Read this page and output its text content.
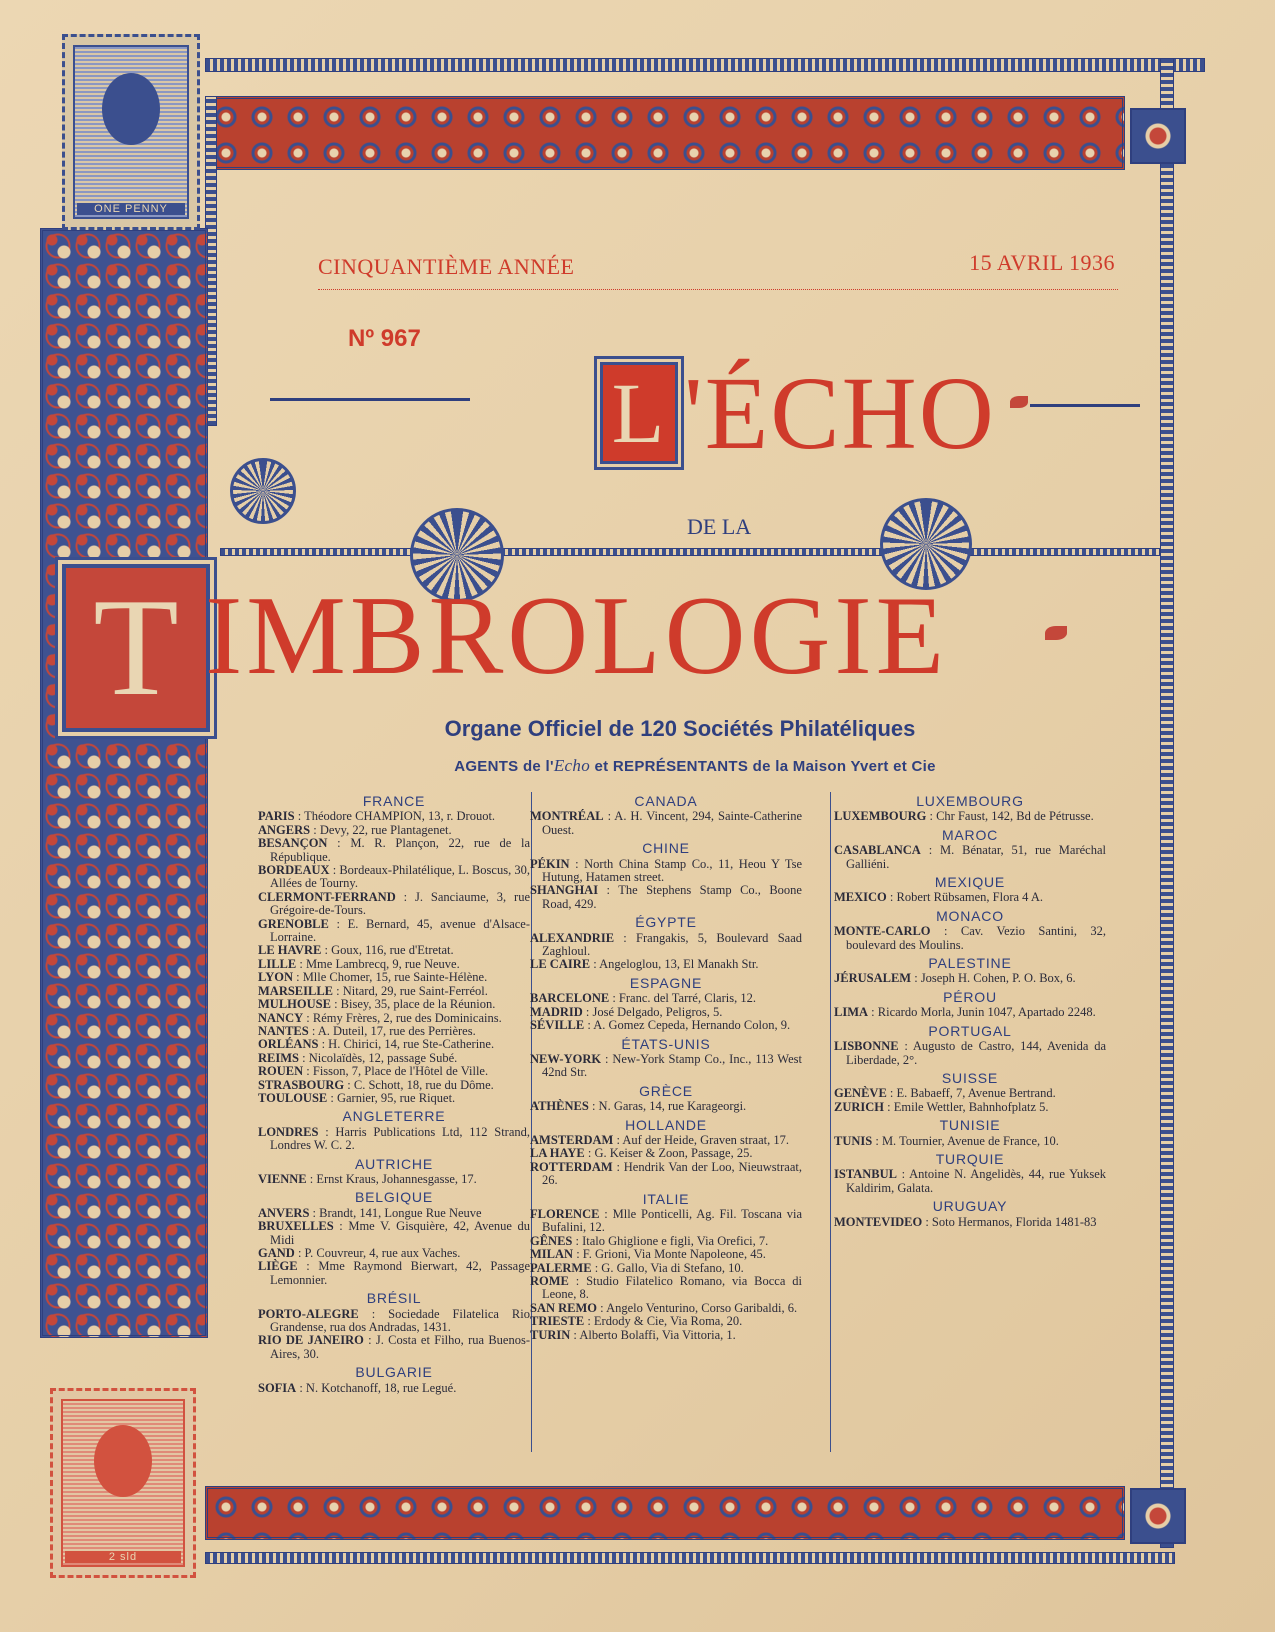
ONE PENNY
2 sld
CINQUANTIÈME ANNÉE	15 AVRIL 1936
Nº 967
L 'ÉCHO
DE LA
T IMBROLOGIE
Organe Officiel de 120 Sociétés Philatéliques
AGENTS de l'Echo et REPRÉSENTANTS de la Maison Yvert et Cie
FRANCE
PARIS : Théodore CHAMPION, 13, r. Drouot.
ANGERS : Devy, 22, rue Plantagenet.
BESANÇON : M. R. Plançon, 22, rue de la République.
BORDEAUX : Bordeaux-Philatélique, L. Boscus, 30, Allées de Tourny.
CLERMONT-FERRAND : J. Sanciaume, 3, rue Grégoire-de-Tours.
GRENOBLE : E. Bernard, 45, avenue d'Alsace-Lorraine.
LE HAVRE : Goux, 116, rue d'Etretat.
LILLE : Mme Lambrecq, 9, rue Neuve.
LYON : Mlle Chomer, 15, rue Sainte-Hélène.
MARSEILLE : Nitard, 29, rue Saint-Ferréol.
MULHOUSE : Bisey, 35, place de la Réunion.
NANCY : Rémy Frères, 2, rue des Dominicains.
NANTES : A. Duteil, 17, rue des Perrières.
ORLÉANS : H. Chirici, 14, rue Ste-Catherine.
REIMS : Nicolaïdès, 12, passage Subé.
ROUEN : Fisson, 7, Place de l'Hôtel de Ville.
STRASBOURG : C. Schott, 18, rue du Dôme.
TOULOUSE : Garnier, 95, rue Riquet.
ANGLETERRE
LONDRES : Harris Publications Ltd, 112 Strand, Londres W. C. 2.
AUTRICHE
VIENNE : Ernst Kraus, Johannesgasse, 17.
BELGIQUE
ANVERS : Brandt, 141, Longue Rue Neuve
BRUXELLES : Mme V. Gisquière, 42, Avenue du Midi
GAND : P. Couvreur, 4, rue aux Vaches.
LIÈGE : Mme Raymond Bierwart, 42, Passage Lemonnier.
BRÉSIL
PORTO-ALEGRE : Sociedade Filatelica Rio Grandense, rua dos Andradas, 1431.
RIO DE JANEIRO : J. Costa et Filho, rua Buenos-Aires, 30.
BULGARIE
SOFIA : N. Kotchanoff, 18, rue Legué.
CANADA
MONTRÉAL : A. H. Vincent, 294, Sainte-Catherine Ouest.
CHINE
PÉKIN : North China Stamp Co., 11, Heou Y Tse Hutung, Hatamen street.
SHANGHAI : The Stephens Stamp Co., Boone Road, 429.
ÉGYPTE
ALEXANDRIE : Frangakis, 5, Boulevard Saad Zaghloul.
LE CAIRE : Angeloglou, 13, El Manakh Str.
ESPAGNE
BARCELONE : Franc. del Tarré, Claris, 12.
MADRID : José Delgado, Peligros, 5.
SÉVILLE : A. Gomez Cepeda, Hernando Colon, 9.
ÉTATS-UNIS
NEW-YORK : New-York Stamp Co., Inc., 113 West 42nd Str.
GRÈCE
ATHÈNES : N. Garas, 14, rue Karageorgi.
HOLLANDE
AMSTERDAM : Auf der Heide, Graven straat, 17.
LA HAYE : G. Keiser & Zoon, Passage, 25.
ROTTERDAM : Hendrik Van der Loo, Nieuwstraat, 26.
ITALIE
FLORENCE : Mlle Ponticelli, Ag. Fil. Toscana via Bufalini, 12.
GÊNES : Italo Ghiglione e figli, Via Orefici, 7.
MILAN : F. Grioni, Via Monte Napoleone, 45.
PALERME : G. Gallo, Via di Stefano, 10.
ROME : Studio Filatelico Romano, via Bocca di Leone, 8.
SAN REMO : Angelo Venturino, Corso Garibaldi, 6.
TRIESTE : Erdody & Cie, Via Roma, 20.
TURIN : Alberto Bolaffi, Via Vittoria, 1.
LUXEMBOURG
LUXEMBOURG : Chr Faust, 142, Bd de Pétrusse.
MAROC
CASABLANCA : M. Bénatar, 51, rue Maréchal Galliéni.
MEXIQUE
MEXICO : Robert Rübsamen, Flora 4 A.
MONACO
MONTE-CARLO : Cav. Vezio Santini, 32, boulevard des Moulins.
PALESTINE
JÉRUSALEM : Joseph H. Cohen, P. O. Box, 6.
PÉROU
LIMA : Ricardo Morla, Junin 1047, Apartado 2248.
PORTUGAL
LISBONNE : Augusto de Castro, 144, Avenida da Liberdade, 2°.
SUISSE
GENÈVE : E. Babaeff, 7, Avenue Bertrand.
ZURICH : Emile Wettler, Bahnhofplatz 5.
TUNISIE
TUNIS : M. Tournier, Avenue de France, 10.
TURQUIE
ISTANBUL : Antoine N. Angelidès, 44, rue Yuksek Kaldirim, Galata.
URUGUAY
MONTEVIDEO : Soto Hermanos, Florida 1481-83
